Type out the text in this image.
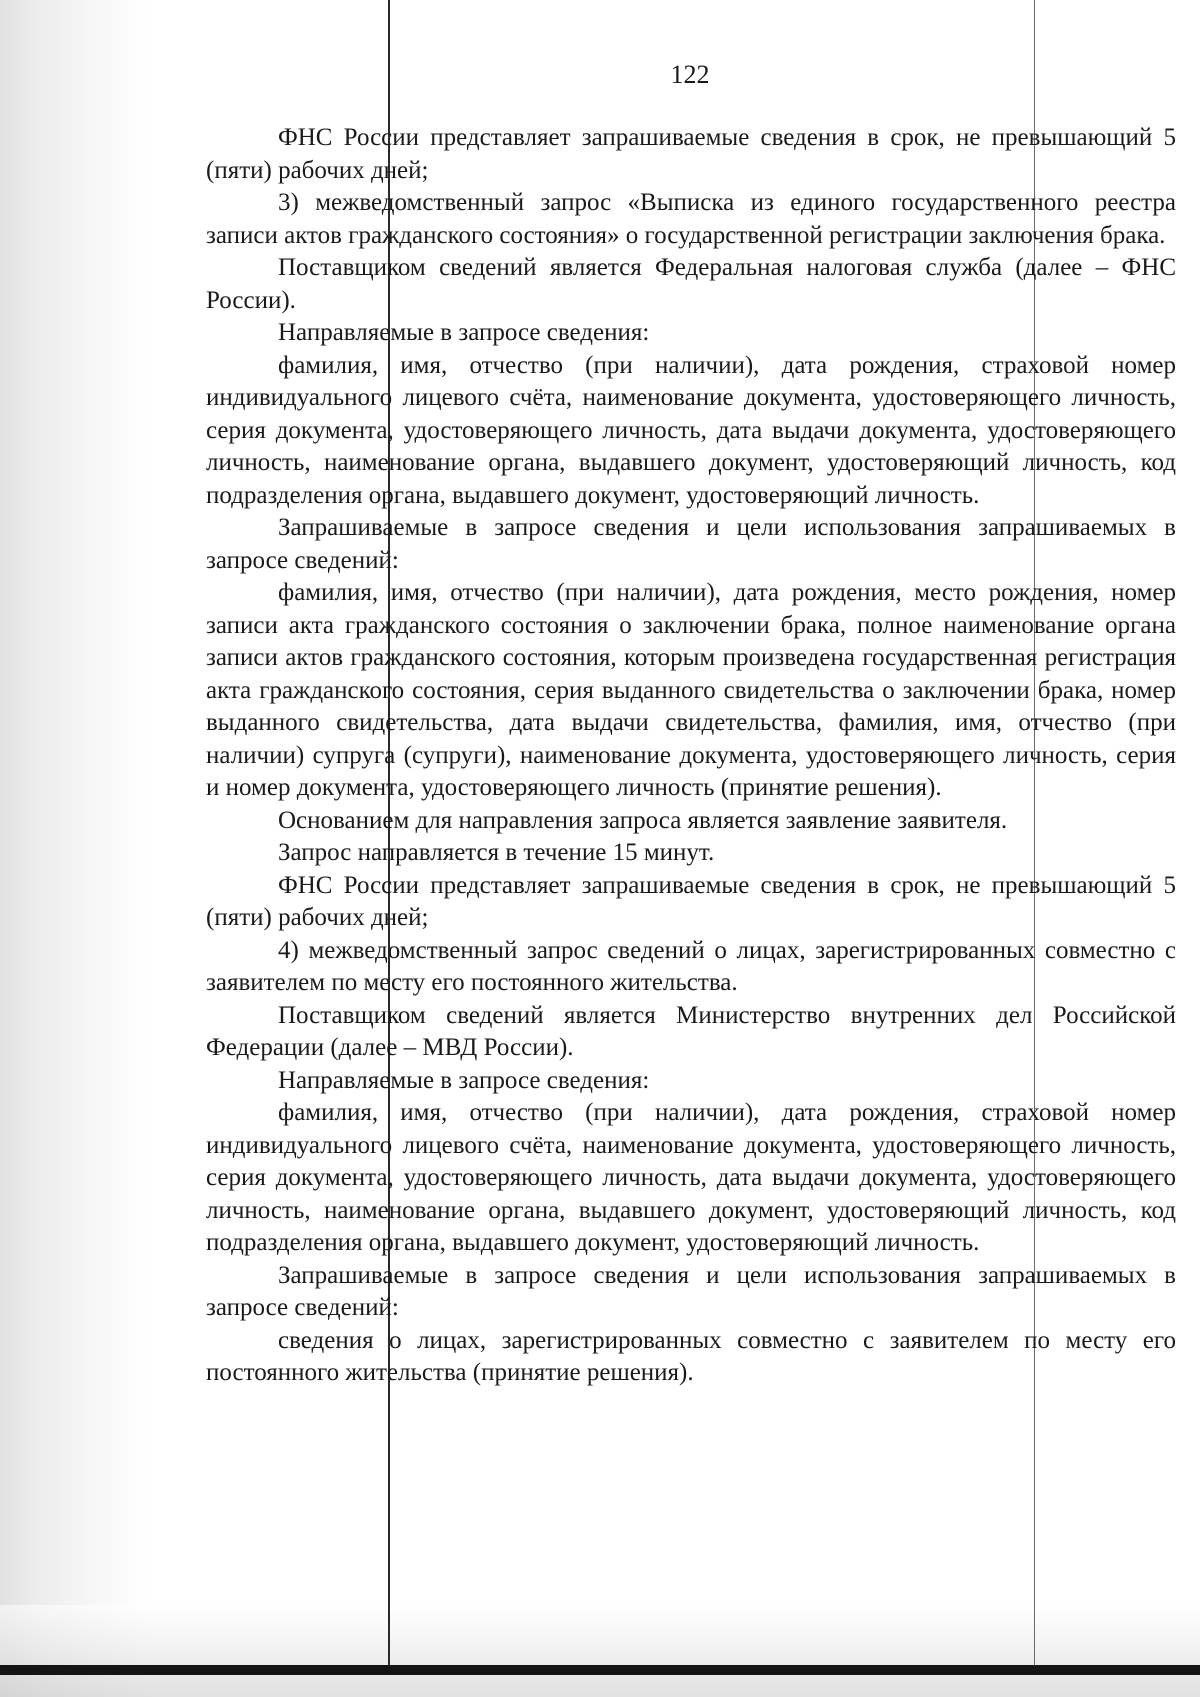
122

ФНС России представляет запрашиваемые сведения в срок, не превышающий 5 (пяти) рабочих дней;

3) межведомственный запрос «Выписка из единого государственного реестра записи актов гражданского состояния» о государственной регистрации заключения брака.

Поставщиком сведений является Федеральная налоговая служба (далее – ФНС России).

Направляемые в запросе сведения:

фамилия, имя, отчество (при наличии), дата рождения, страховой номер индивидуального лицевого счёта, наименование документа, удостоверяющего личность, серия документа, удостоверяющего личность, дата выдачи документа, удостоверяющего личность, наименование органа, выдавшего документ, удостоверяющий личность, код подразделения органа, выдавшего документ, удостоверяющий личность.

Запрашиваемые в запросе сведения и цели использования запрашиваемых в запросе сведений:

фамилия, имя, отчество (при наличии), дата рождения, место рождения, номер записи акта гражданского состояния о заключении брака, полное наименование органа записи актов гражданского состояния, которым произведена государственная регистрация акта гражданского состояния, серия выданного свидетельства о заключении брака, номер выданного свидетельства, дата выдачи свидетельства, фамилия, имя, отчество (при наличии) супруга (супруги), наименование документа, удостоверяющего личность, серия и номер документа, удостоверяющего личность (принятие решения).

Основанием для направления запроса является заявление заявителя.

Запрос направляется в течение 15 минут.

ФНС России представляет запрашиваемые сведения в срок, не превышающий 5 (пяти) рабочих дней;

4) межведомственный запрос сведений о лицах, зарегистрированных совместно с заявителем по месту его постоянного жительства.

Поставщиком сведений является Министерство внутренних дел Российской Федерации (далее – МВД России).

Направляемые в запросе сведения:

фамилия, имя, отчество (при наличии), дата рождения, страховой номер индивидуального лицевого счёта, наименование документа, удостоверяющего личность, серия документа, удостоверяющего личность, дата выдачи документа, удостоверяющего личность, наименование органа, выдавшего документ, удостоверяющий личность, код подразделения органа, выдавшего документ, удостоверяющий личность.

Запрашиваемые в запросе сведения и цели использования запрашиваемых в запросе сведений:

сведения о лицах, зарегистрированных совместно с заявителем по месту его постоянного жительства (принятие решения).
